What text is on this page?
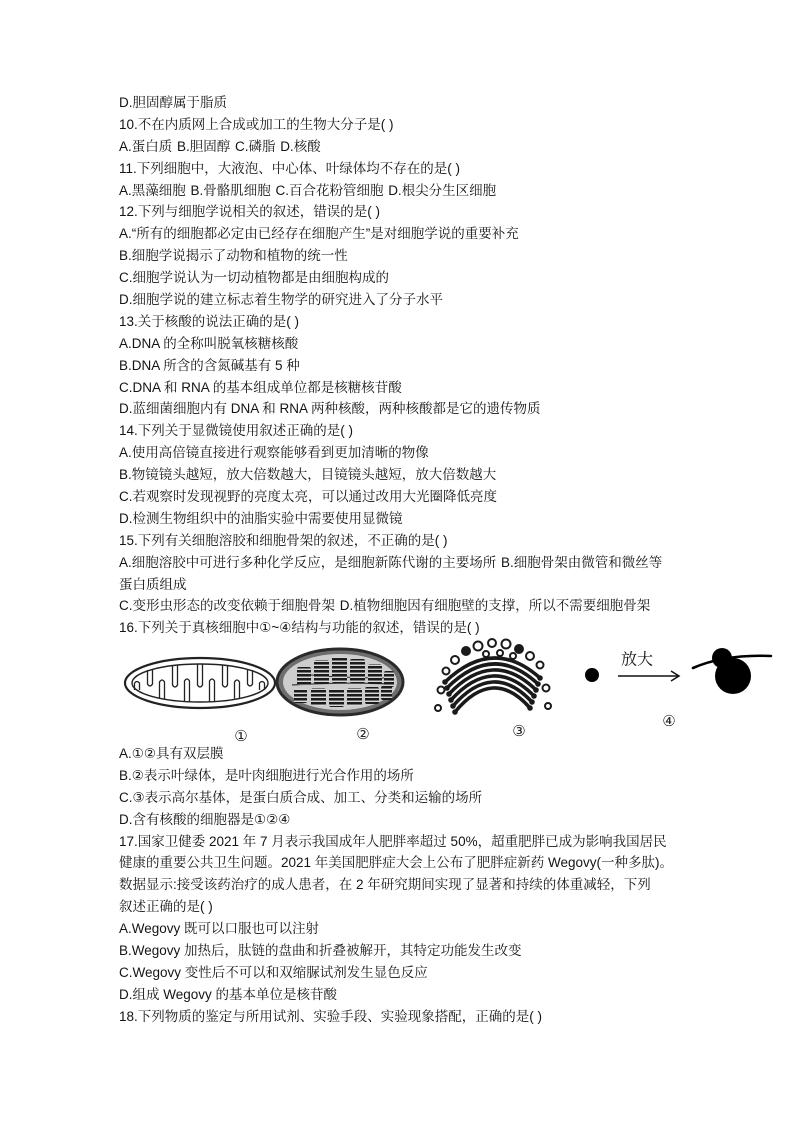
D.胆固醇属于脂质
10.不在内质网上合成或加工的生物大分子是( )
A.蛋白质 B.胆固醇 C.磷脂 D.核酸
11.下列细胞中，大液泡、中心体、叶绿体均不存在的是( )
A.黑藻细胞 B.骨骼肌细胞 C.百合花粉管细胞 D.根尖分生区细胞
12.下列与细胞学说相关的叙述，错误的是( )
A.“所有的细胞都必定由已经存在细胞产生”是对细胞学说的重要补充
B.细胞学说揭示了动物和植物的统一性
C.细胞学说认为一切动植物都是由细胞构成的
D.细胞学说的建立标志着生物学的研究进入了分子水平
13.关于核酸的说法正确的是( )
A.DNA 的全称叫脱氧核糖核酸
B.DNA 所含的含氮碱基有 5 种
C.DNA 和 RNA 的基本组成单位都是核糖核苷酸
D.蓝细菌细胞内有 DNA 和 RNA 两种核酸，两种核酸都是它的遗传物质
14.下列关于显微镜使用叙述正确的是( )
A.使用高倍镜直接进行观察能够看到更加清晰的物像
B.物镜镜头越短，放大倍数越大，目镜镜头越短，放大倍数越大
C.若观察时发现视野的亮度太亮，可以通过改用大光圈降低亮度
D.检测生物组织中的油脂实验中需要使用显微镜
15.下列有关细胞溶胶和细胞骨架的叙述，不正确的是( )
A.细胞溶胶中可进行多种化学反应，是细胞新陈代谢的主要场所 B.细胞骨架由微管和微丝等
蛋白质组成
C.变形虫形态的改变依赖于细胞骨架 D.植物细胞因有细胞壁的支撑，所以不需要细胞骨架
16.下列关于真核细胞中①~④结构与功能的叙述，错误的是( )
①	②	③
放大
④
A.①②具有双层膜
B.②表示叶绿体，是叶肉细胞进行光合作用的场所
C.③表示高尔基体，是蛋白质合成、加工、分类和运输的场所
D.含有核酸的细胞器是①②④
17.国家卫健委 2021 年 7 月表示我国成年人肥胖率超过 50%，超重肥胖已成为影响我国居民
健康的重要公共卫生问题。2021 年美国肥胖症大会上公布了肥胖症新药 Wegovy(一种多肽)。
数据显示:接受该药治疗的成人患者，在 2 年研究期间实现了显著和持续的体重减轻，下列
叙述正确的是( )
A.Wegovy 既可以口服也可以注射
B.Wegovy 加热后，肽链的盘曲和折叠被解开，其特定功能发生改变
C.Wegovy 变性后不可以和双缩脲试剂发生显色反应
D.组成 Wegovy 的基本单位是核苷酸
18.下列物质的鉴定与所用试剂、实验手段、实验现象搭配，正确的是( )
